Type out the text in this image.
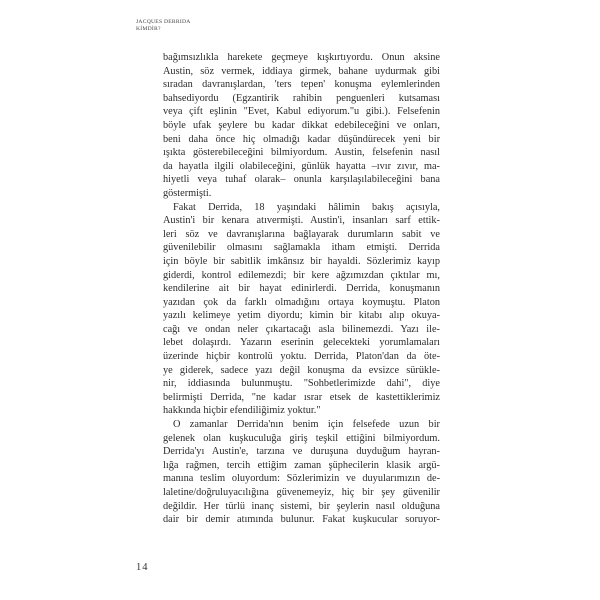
JACQUES DERRIDA
KİMDİR?
bağımsızlıkla harekete geçmeye kışkırtıyordu. Onun aksine
Austin, söz vermek, iddiaya girmek, bahane uydurmak gibi
sıradan davranışlardan, 'ters tepen' konuşma eylemlerinden
bahsediyordu (Egzantirik rahibin penguenleri kutsaması
veya çift eşlinin "Evet, Kabul ediyorum."u gibi.). Felsefenin
böyle ufak şeylere bu kadar dikkat edebileceğini ve onları,
beni daha önce hiç olmadığı kadar düşündürecek yeni bir
ışıkta gösterebileceğini bilmiyordum. Austin, felsefenin nasıl
da hayatla ilgili olabileceğini, günlük hayatta –ıvır zıvır, ma-
hiyetli veya tuhaf olarak– onunla karşılaşılabileceğini bana
göstermişti.
Fakat Derrida, 18 yaşındaki hâlimin bakış açısıyla,
Austin'i bir kenara atıvermişti. Austin'i, insanları sarf ettik-
leri söz ve davranışlarına bağlayarak durumların sabit ve
güvenilebilir olmasını sağlamakla itham etmişti. Derrida
için böyle bir sabitlik imkânsız bir hayaldi. Sözlerimiz kayıp
giderdi, kontrol edilemezdi; bir kere ağzımızdan çıktılar mı,
kendilerine ait bir hayat edinirlerdi. Derrida, konuşmanın
yazıdan çok da farklı olmadığını ortaya koymuştu. Platon
yazılı kelimeye yetim diyordu; kimin bir kitabı alıp okuya-
cağı ve ondan neler çıkartacağı asla bilinemezdi. Yazı ile-
lebet dolaşırdı. Yazarın eserinin gelecekteki yorumlamaları
üzerinde hiçbir kontrolü yoktu. Derrida, Platon'dan da öte-
ye giderek, sadece yazı değil konuşma da evsizce sürükle-
nir, iddiasında bulunmuştu. "Sohbetlerimizde dahi", diye
belirmişti Derrida, "ne kadar ısrar etsek de kastettiklerimiz
hakkında hiçbir efendiliğimiz yoktur."
O zamanlar Derrida'nın benim için felsefede uzun bir
gelenek olan kuşkuculuğa giriş teşkil ettiğini bilmiyordum.
Derrida'yı Austin'e, tarzına ve duruşuna duyduğum hayran-
lığa rağmen, tercih ettiğim zaman şüphecilerin klasik argü-
manına teslim oluyordum: Sözlerimizin ve duyularımızın de-
laletine/doğruluyacılığına güvenemeyiz, hiç bir şey güvenilir
değildir. Her türlü inanç sistemi, bir şeylerin nasıl olduğuna
dair bir demir atımında bulunur. Fakat kuşkucular soruyor-
14
